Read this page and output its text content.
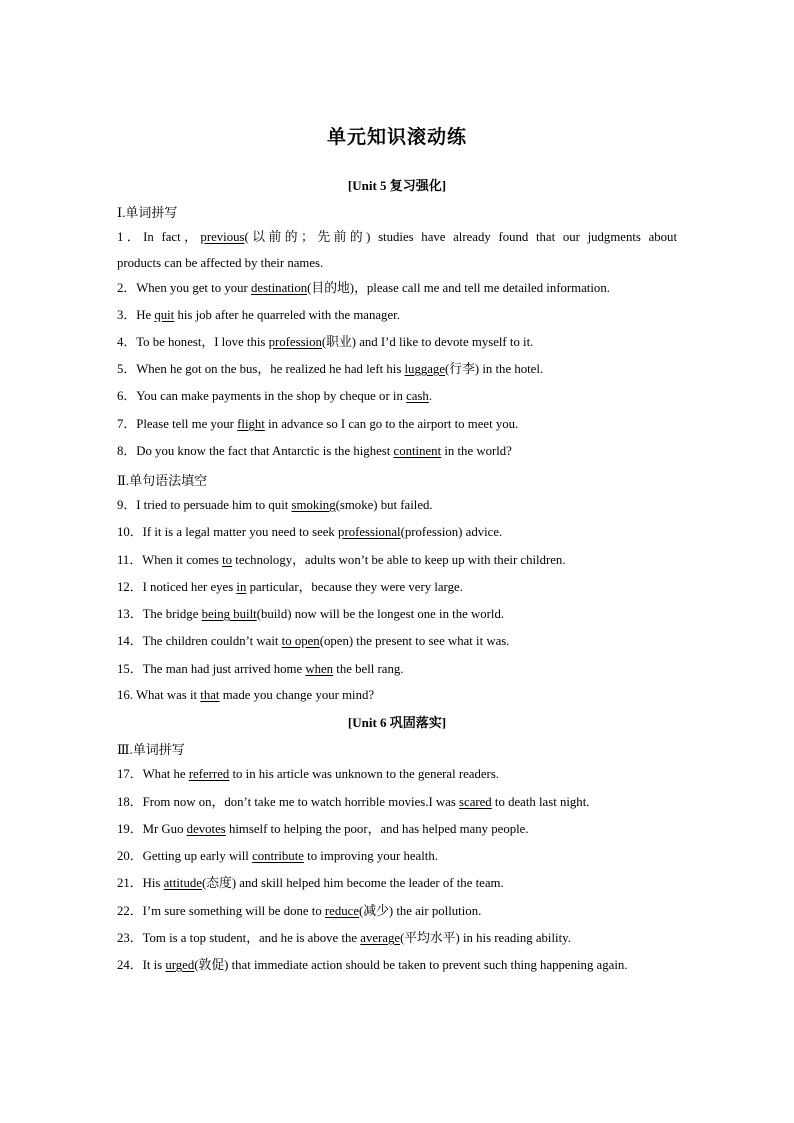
单元知识滚动练
[Unit 5 复习强化]
Ⅰ.单词拼写
1．In fact，previous(以前的；先前的) studies have already found that our judgments about
products can be affected by their names.
2．When you get to your destination(目的地)，please call me and tell me detailed information.
3．He quit his job after he quarreled with the manager.
4．To be honest，I love this profession(职业) and I’d like to devote myself to it.
5．When he got on the bus，he realized he had left his luggage(行李) in the hotel.
6．You can make payments in the shop by cheque or in cash.
7．Please tell me your flight in advance so I can go to the airport to meet you.
8．Do you know the fact that Antarctic is the highest continent in the world?
Ⅱ.单句语法填空
9．I tried to persuade him to quit smoking(smoke) but failed.
10．If it is a legal matter you need to seek professional(profession) advice.
11．When it comes to technology，adults won’t be able to keep up with their children.
12．I noticed her eyes in particular，because they were very large.
13．The bridge being built(build) now will be the longest one in the world.
14．The children couldn’t wait to open(open) the present to see what it was.
15．The man had just arrived home when the bell rang.
16. What was it that made you change your mind?
[Unit 6 巩固落实]
Ⅲ.单词拼写
17．What he referred to in his article was unknown to the general readers.
18．From now on，don’t take me to watch horrible movies.I was scared to death last night.
19．Mr Guo devotes himself to helping the poor，and has helped many people.
20．Getting up early will contribute to improving your health.
21．His attitude(态度) and skill helped him become the leader of the team.
22．I’m sure something will be done to reduce(减少) the air pollution.
23．Tom is a top student，and he is above the average(平均水平) in his reading ability.
24．It is urged(敦促) that immediate action should be taken to prevent such thing happening again.
